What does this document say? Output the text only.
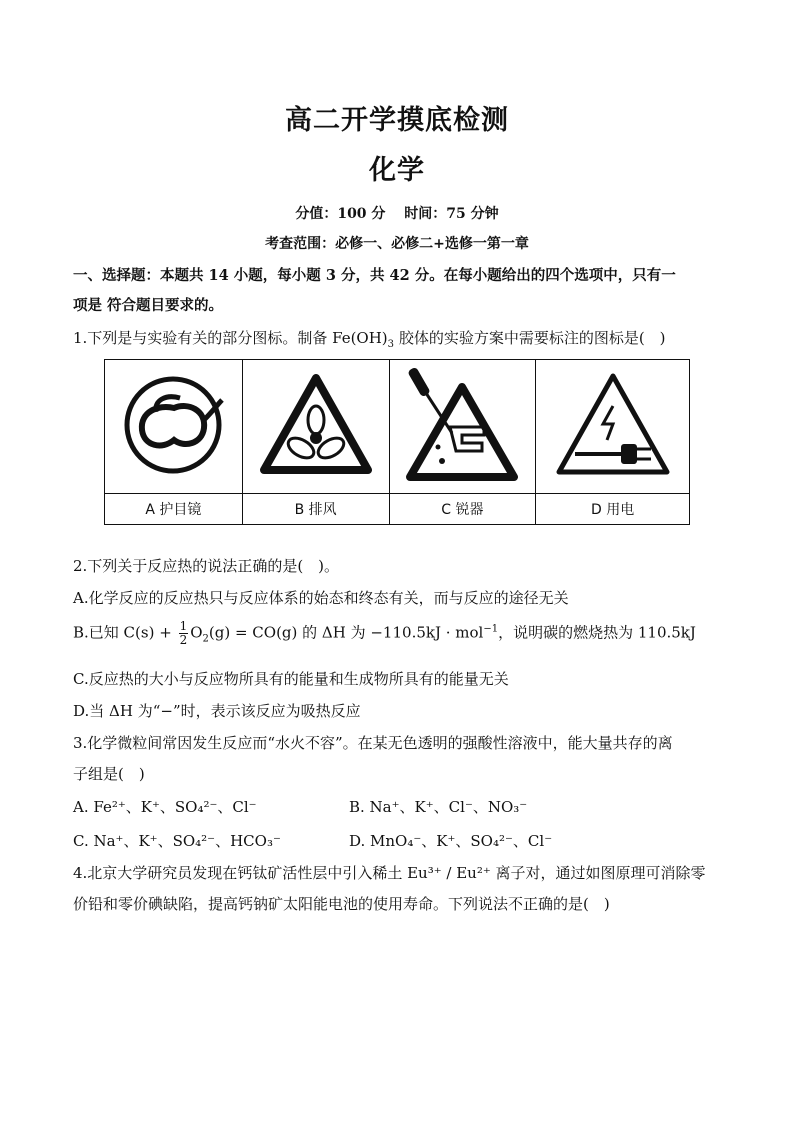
高二开学摸底检测
化学
分值：100 分　 时间：75 分钟
考查范围：必修一、必修二+选修一第一章
一、选择题：本题共 14 小题，每小题 3 分，共 42 分。在每小题给出的四个选项中，只有一
项是 符合题目要求的。
1.下列是与实验有关的部分图标。制备 $Fe(OH)_3$ 胶体的实验方案中需要标注的图标是(　)

A 护目镜	B 排风	C 锐器	D 用电
2.下列关于反应热的说法正确的是(　)。
A.化学反应的反应热只与反应体系的始态和终态有关，而与反应的途径无关
B.已知 $C(s) + \frac{1}{2} O_2(g) = CO(g)$ 的 ΔH 为 −110.5kJ · mol$^{-1}$，说明碳的燃烧热为 110.5kJ
C.反应热的大小与反应物所具有的能量和生成物所具有的能量无关
D.当 ΔH 为“−”时，表示该反应为吸热反应
3.化学微粒间常因发生反应而“水火不容”。在某无色透明的强酸性溶液中，能大量共存的离
子组是(　)
A. Fe²⁺、K⁺、SO₄²⁻、Cl⁻	B. Na⁺、K⁺、Cl⁻、NO₃⁻
C. Na⁺、K⁺、SO₄²⁻、HCO₃⁻	D. MnO₄⁻、K⁺、SO₄²⁻、Cl⁻
4.北京大学研究员发现在钙钛矿活性层中引入稀土 Eu³⁺ / Eu²⁺ 离子对，通过如图原理可消除零
价铅和零价碘缺陷，提高钙钠矿太阳能电池的使用寿命。下列说法不正确的是(　)
